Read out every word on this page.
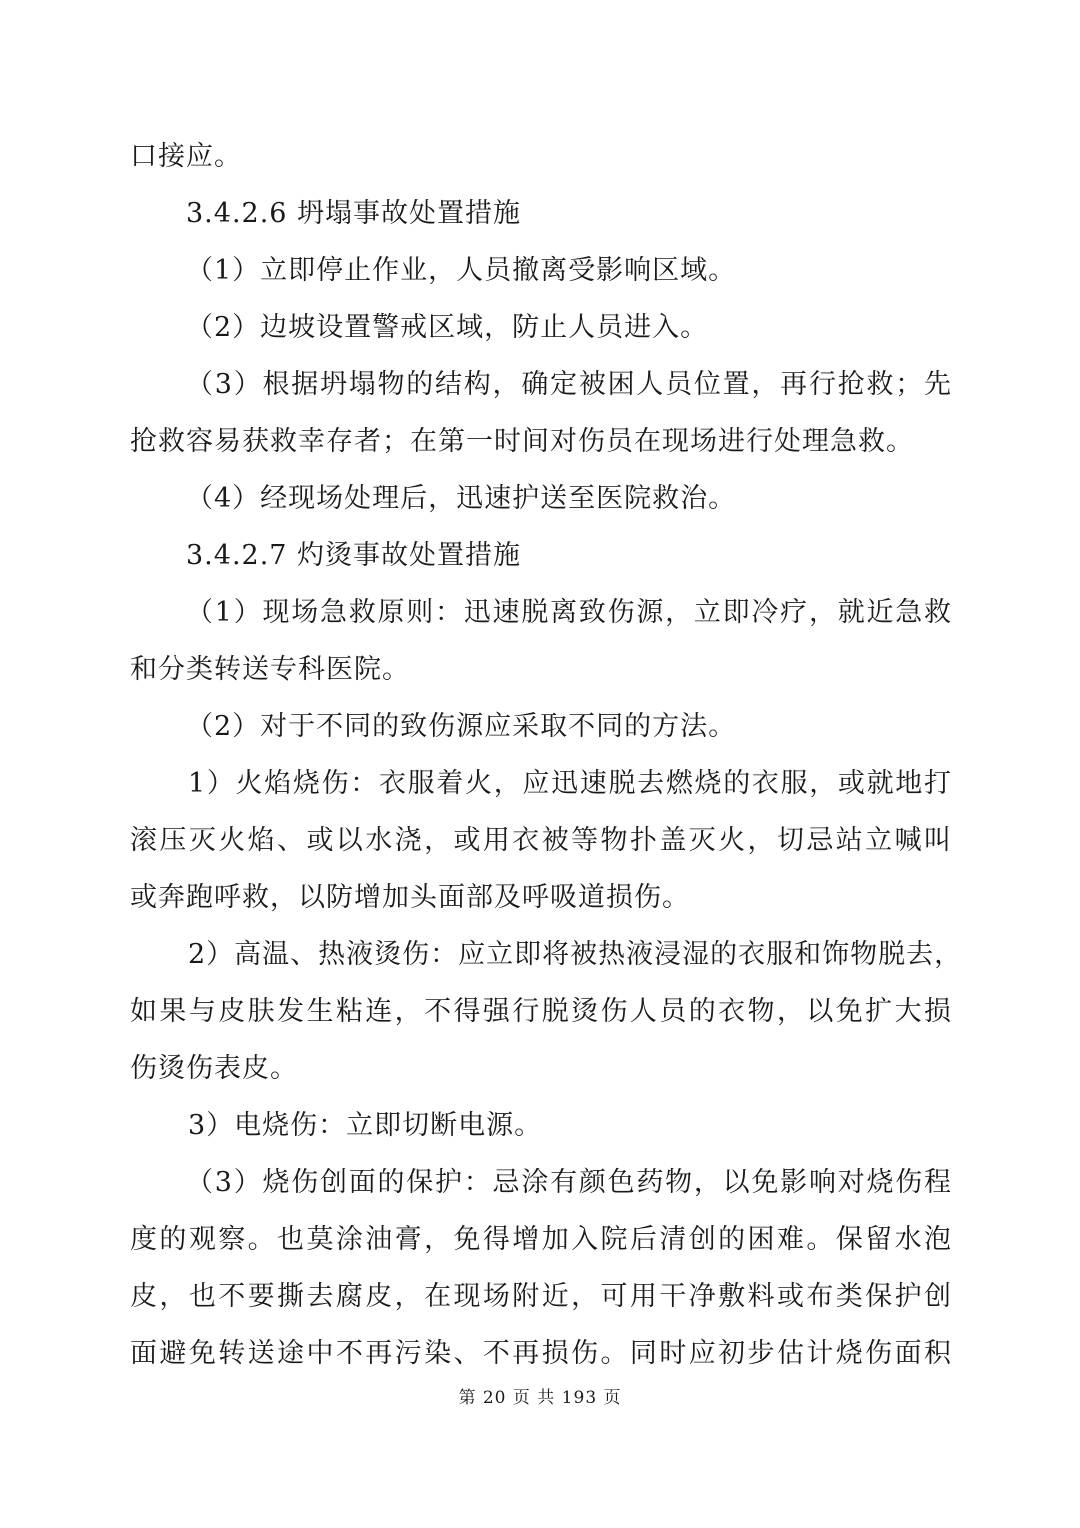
口接应。
3.4.2.6 坍塌事故处置措施
（1）立即停止作业，人员撤离受影响区域。
（2）边坡设置警戒区域，防止人员进入。
（3）根据坍塌物的结构，确定被困人员位置，再行抢救；先
抢救容易获救幸存者；在第一时间对伤员在现场进行处理急救。
（4）经现场处理后，迅速护送至医院救治。
3.4.2.7 灼烫事故处置措施
（1）现场急救原则：迅速脱离致伤源，立即冷疗，就近急救
和分类转送专科医院。
（2）对于不同的致伤源应采取不同的方法。
1）火焰烧伤：衣服着火，应迅速脱去燃烧的衣服，或就地打
滚压灭火焰、或以水浇，或用衣被等物扑盖灭火，切忌站立喊叫
或奔跑呼救，以防增加头面部及呼吸道损伤。
2）高温、热液烫伤：应立即将被热液浸湿的衣服和饰物脱去，
如果与皮肤发生粘连，不得强行脱烫伤人员的衣物，以免扩大损
伤烫伤表皮。
3）电烧伤：立即切断电源。
（3）烧伤创面的保护：忌涂有颜色药物，以免影响对烧伤程
度的观察。也莫涂油膏，免得增加入院后清创的困难。保留水泡
皮，也不要撕去腐皮，在现场附近，可用干净敷料或布类保护创
面避免转送途中不再污染、不再损伤。同时应初步估计烧伤面积
第 20 页 共 193 页
